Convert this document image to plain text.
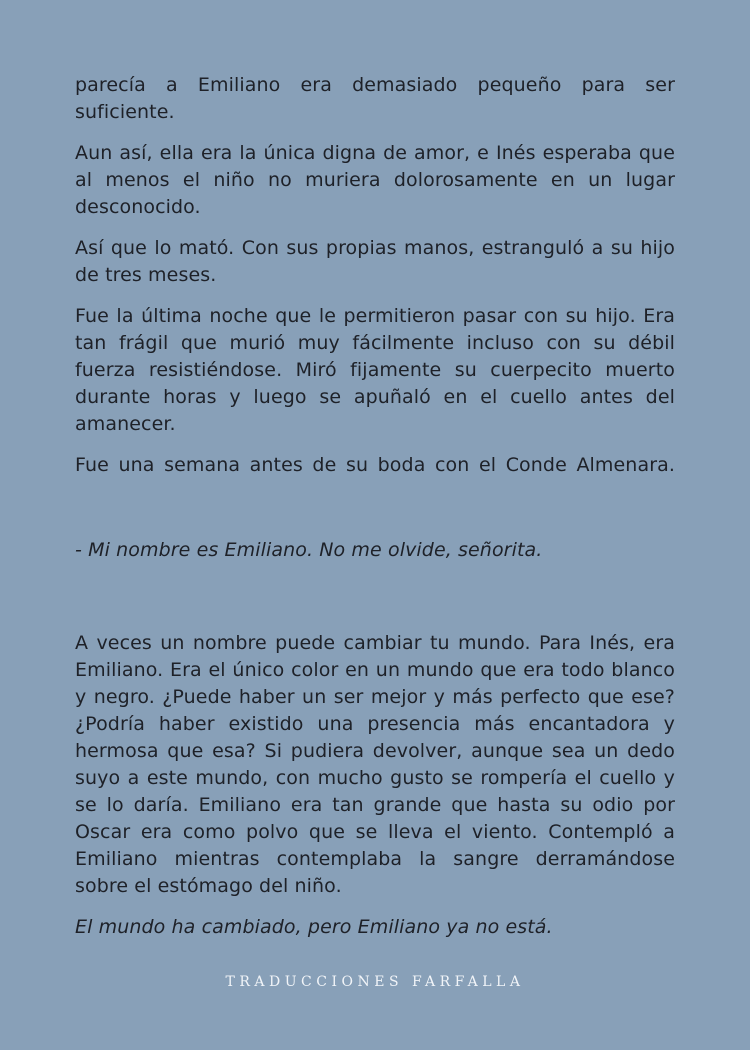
parecía a Emiliano era demasiado pequeño para ser suficiente.

Aun así, ella era la única digna de amor, e Inés esperaba que al menos el niño no muriera dolorosamente en un lugar desconocido.

Así que lo mató. Con sus propias manos, estranguló a su hijo de tres meses.

Fue la última noche que le permitieron pasar con su hijo. Era tan frágil que murió muy fácilmente incluso con su débil fuerza resistiéndose. Miró fijamente su cuerpecito muerto durante horas y luego se apuñaló en el cuello antes del amanecer.

Fue una semana antes de su boda con el Conde Almenara.

- Mi nombre es Emiliano. No me olvide, señorita.

A veces un nombre puede cambiar tu mundo. Para Inés, era Emiliano. Era el único color en un mundo que era todo blanco y negro. ¿Puede haber un ser mejor y más perfecto que ese? ¿Podría haber existido una presencia más encantadora y hermosa que esa? Si pudiera devolver, aunque sea un dedo suyo a este mundo, con mucho gusto se rompería el cuello y se lo daría. Emiliano era tan grande que hasta su odio por Oscar era como polvo que se lleva el viento. Contempló a Emiliano mientras contemplaba la sangre derramándose sobre el estómago del niño.

El mundo ha cambiado, pero Emiliano ya no está.

TRADUCCIONES FARFALLA
